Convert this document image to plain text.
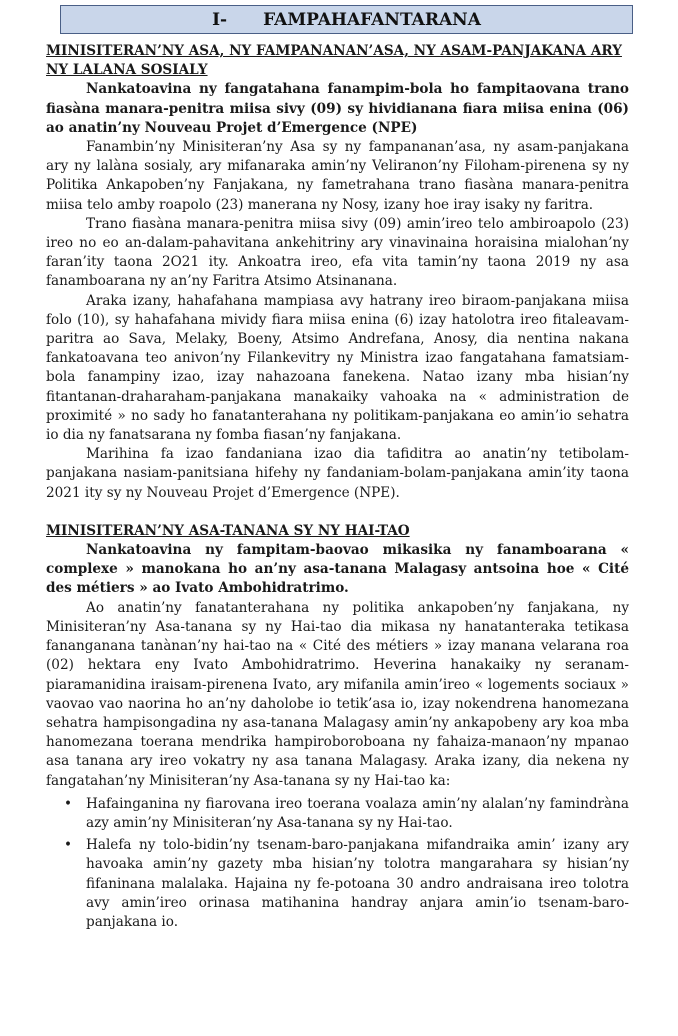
I- FAMPAHAFANTARANA

MINISITERAN’NY ASA, NY FAMPANANAN’ASA, NY ASAM-PANJAKANA ARY NY LALANA SOSIALY

Nankatoavina ny fangatahana fanampim-bola ho fampitaovana trano fiasàna manara-penitra miisa sivy (09) sy hividianana fiara miisa enina (06) ao anatin’ny Nouveau Projet d’Emergence (NPE)

Fanambin’ny Minisiteran’ny Asa sy ny fampananan’asa, ny asam-panjakana ary ny lalàna sosialy, ary mifanaraka amin’ny Veliranon’ny Filoham-pirenena sy ny Politika Ankapoben’ny Fanjakana, ny fametrahana trano fiasàna manara-penitra miisa telo amby roapolo (23) manerana ny Nosy, izany hoe iray isaky ny faritra.

Trano fiasàna manara-penitra miisa sivy (09) amin’ireo telo ambiroapolo (23) ireo no eo an-dalam-pahavitana ankehitriny ary vinavinaina horaisina mialohan’ny faran’ity taona 2O21 ity. Ankoatra ireo, efa vita tamin’ny taona 2019 ny asa fanamboarana ny an’ny Faritra Atsimo Atsinanana.

Araka izany, hahafahana mampiasa avy hatrany ireo biraom-panjakana miisa folo (10), sy hahafahana mividy fiara miisa enina (6) izay hatolotra ireo fitaleavam-paritra ao Sava, Melaky, Boeny, Atsimo Andrefana, Anosy, dia nentina nakana fankatoavana teo anivon’ny Filankevitry ny Ministra izao fangatahana famatsiam-bola fanampiny izao, izay nahazoana fanekena. Natao izany mba hisian’ny fitantanan-draharaham-panjakana manakaiky vahoaka na « administration de proximité » no sady ho fanatanterahana ny politikam-panjakana eo amin’io sehatra io dia ny fanatsarana ny fomba fiasan’ny fanjakana.

Marihina fa izao fandaniana izao dia tafiditra ao anatin’ny tetibolam-panjakana nasiam-panitsiana hifehy ny fandaniam-bolam-panjakana amin’ity taona 2021 ity sy ny Nouveau Projet d’Emergence (NPE).

MINISITERAN’NY ASA-TANANA SY NY HAI-TAO

Nankatoavina ny fampitam-baovao mikasika ny fanamboarana « complexe » manokana ho an’ny asa-tanana Malagasy antsoina hoe « Cité des métiers » ao Ivato Ambohidratrimo.

Ao anatin’ny fanatanterahana ny politika ankapoben’ny fanjakana, ny Minisiteran’ny Asa-tanana sy ny Hai-tao dia mikasa ny hanatanteraka tetikasa fananganana tanànan’ny hai-tao na « Cité des métiers » izay manana velarana roa (02) hektara eny Ivato Ambohidratrimo. Heverina hanakaiky ny seranam-piaramanidina iraisam-pirenena Ivato, ary mifanila amin’ireo « logements sociaux » vaovao vao naorina ho an’ny daholobe io tetik’asa io, izay nokendrena hanomezana sehatra hampisongadina ny asa-tanana Malagasy amin’ny ankapobeny ary koa mba hanomezana toerana mendrika hampiroboroboana ny fahaiza-manaon’ny mpanao asa tanana ary ireo vokatry ny asa tanana Malagasy. Araka izany, dia nekena ny fangatahan’ny Minisiteran’ny Asa-tanana sy ny Hai-tao ka:

• Hafainganina ny fiarovana ireo toerana voalaza amin’ny alalan’ny famindràna azy amin’ny Minisiteran’ny Asa-tanana sy ny Hai-tao.
• Halefa ny tolo-bidin’ny tsenam-baro-panjakana mifandraika amin’ izany ary havoaka amin’ny gazety mba hisian’ny tolotra mangarahara sy hisian’ny fifaninana malalaka. Hajaina ny fe-potoana 30 andro andraisana ireo tolotra avy amin’ireo orinasa matihanina handray anjara amin’io tsenam-baro-panjakana io.
